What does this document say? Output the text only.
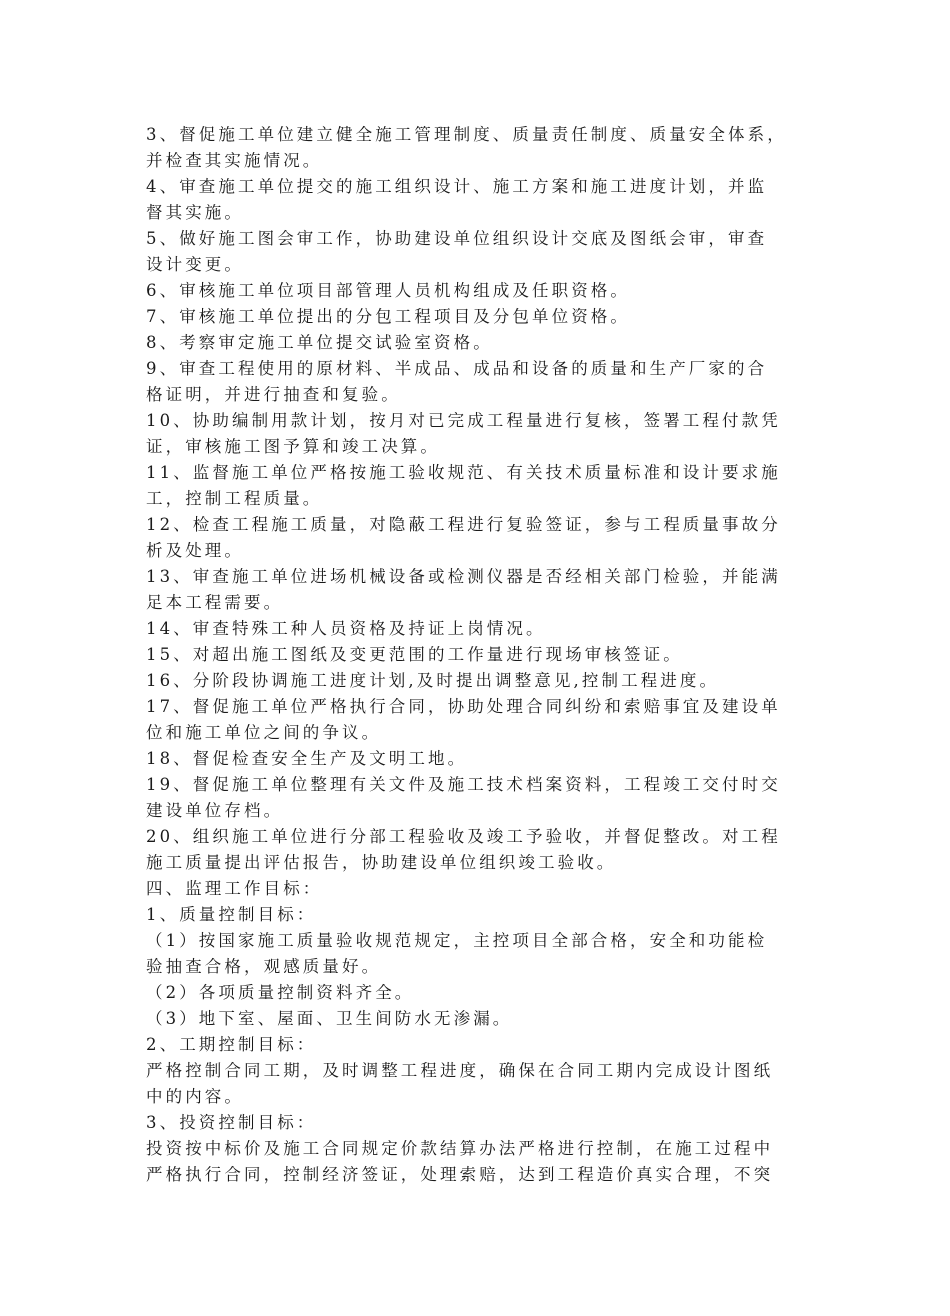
3、督促施工单位建立健全施工管理制度、质量责任制度、质量安全体系，
并检查其实施情况。
4、审查施工单位提交的施工组织设计、施工方案和施工进度计划，并监
督其实施。
5、做好施工图会审工作，协助建设单位组织设计交底及图纸会审，审查
设计变更。
6、审核施工单位项目部管理人员机构组成及任职资格。
7、审核施工单位提出的分包工程项目及分包单位资格。
8、考察审定施工单位提交试验室资格。
9、审查工程使用的原材料、半成品、成品和设备的质量和生产厂家的合
格证明，并进行抽查和复验。
10、协助编制用款计划，按月对已完成工程量进行复核，签署工程付款凭
证，审核施工图予算和竣工决算。
11、监督施工单位严格按施工验收规范、有关技术质量标准和设计要求施
工，控制工程质量。
12、检查工程施工质量，对隐蔽工程进行复验签证，参与工程质量事故分
析及处理。
13、审查施工单位进场机械设备或检测仪器是否经相关部门检验，并能满
足本工程需要。
14、审查特殊工种人员资格及持证上岗情况。
15、对超出施工图纸及变更范围的工作量进行现场审核签证。
16、分阶段协调施工进度计划,及时提出调整意见,控制工程进度。
17、督促施工单位严格执行合同，协助处理合同纠纷和索赔事宜及建设单
位和施工单位之间的争议。
18、督促检查安全生产及文明工地。
19、督促施工单位整理有关文件及施工技术档案资料，工程竣工交付时交
建设单位存档。
20、组织施工单位进行分部工程验收及竣工予验收，并督促整改。对工程
施工质量提出评估报告，协助建设单位组织竣工验收。
四、监理工作目标：
1、质量控制目标：
（1）按国家施工质量验收规范规定，主控项目全部合格，安全和功能检
验抽查合格，观感质量好。
（2）各项质量控制资料齐全。
（3）地下室、屋面、卫生间防水无渗漏。
2、工期控制目标：
严格控制合同工期，及时调整工程进度，确保在合同工期内完成设计图纸
中的内容。
3、投资控制目标：
投资按中标价及施工合同规定价款结算办法严格进行控制，在施工过程中
严格执行合同，控制经济签证，处理索赔，达到工程造价真实合理，不突
